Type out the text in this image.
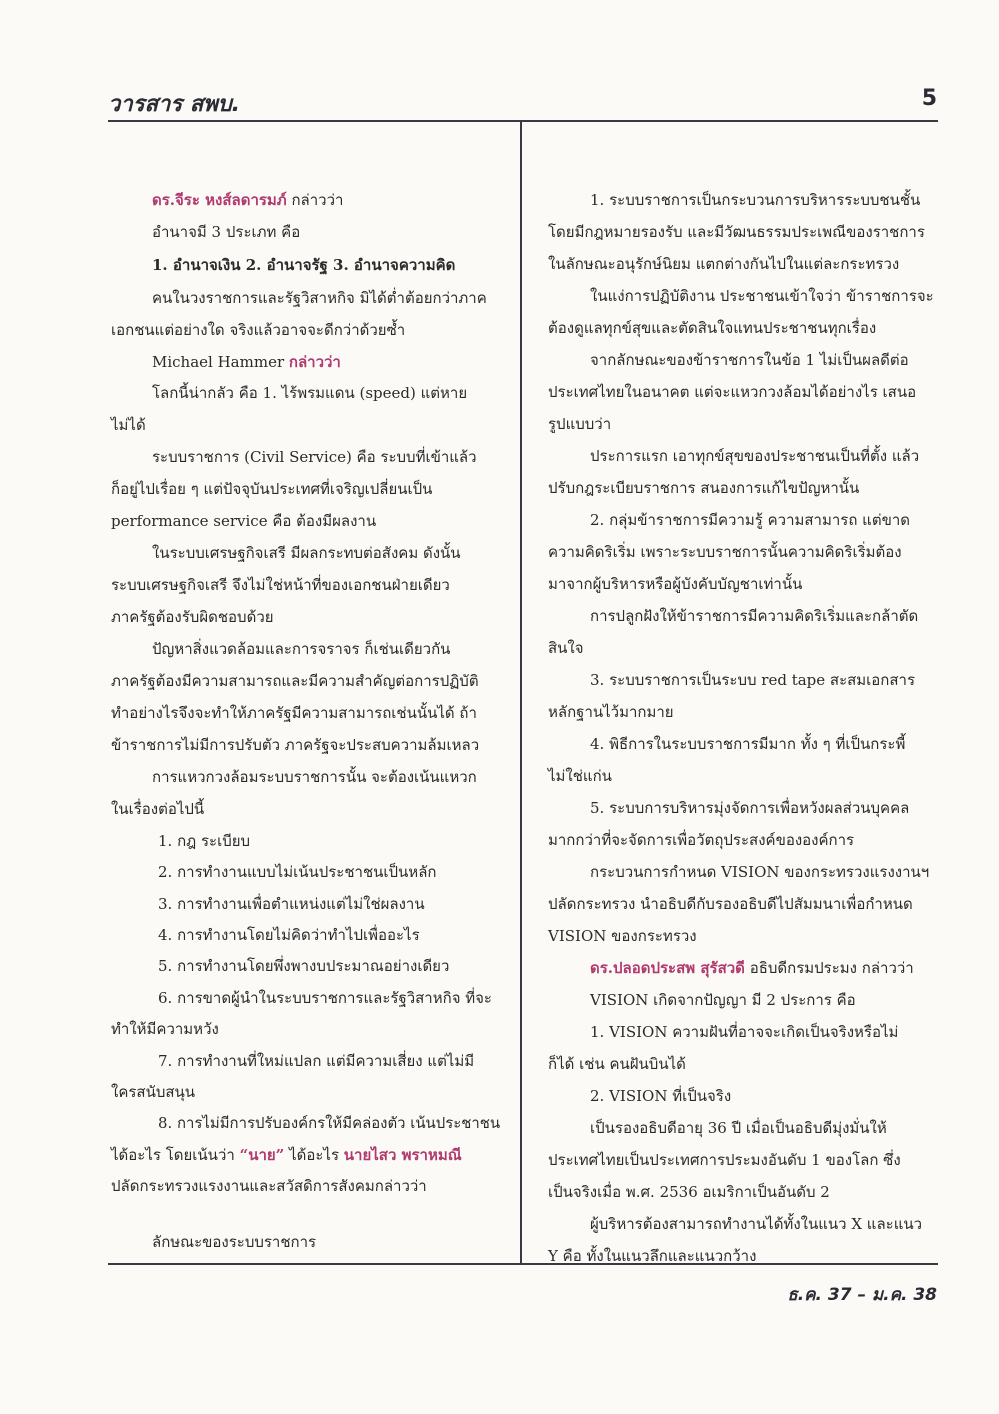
วารสาร สพบ.	5

ดร.จีระ หงส์ลดารมภ์ กล่าวว่า

อำนาจมี 3 ประเภท คือ

1. อำนาจเงิน 2. อำนาจรัฐ 3. อำนาจความคิด

คนในวงราชการและรัฐวิสาหกิจ มิได้ต่ำต้อยกว่าภาค

เอกชนแต่อย่างใด จริงแล้วอาจจะดีกว่าด้วยซ้ำ

Michael Hammer กล่าวว่า

โลกนี้น่ากลัว คือ 1. ไร้พรมแดน (speed) แต่หาย

ไม่ได้

ระบบราชการ (Civil Service) คือ ระบบที่เข้าแล้ว

ก็อยู่ไปเรื่อย ๆ แต่ปัจจุบันประเทศที่เจริญเปลี่ยนเป็น

performance service คือ ต้องมีผลงาน

ในระบบเศรษฐกิจเสรี มีผลกระทบต่อสังคม ดังนั้น

ระบบเศรษฐกิจเสรี จึงไม่ใช่หน้าที่ของเอกชนฝ่ายเดียว

ภาครัฐต้องรับผิดชอบด้วย

ปัญหาสิ่งแวดล้อมและการจราจร ก็เช่นเดียวกัน

ภาครัฐต้องมีความสามารถและมีความสำคัญต่อการปฏิบัติ

ทำอย่างไรจึงจะทำให้ภาครัฐมีความสามารถเช่นนั้นได้ ถ้า

ข้าราชการไม่มีการปรับตัว ภาครัฐจะประสบความล้มเหลว

การแหวกวงล้อมระบบราชการนั้น จะต้องเน้นแหวก

ในเรื่องต่อไปนี้

1. กฎ ระเบียบ

2. การทำงานแบบไม่เน้นประชาชนเป็นหลัก

3. การทำงานเพื่อตำแหน่งแต่ไม่ใช่ผลงาน

4. การทำงานโดยไม่คิดว่าทำไปเพื่ออะไร

5. การทำงานโดยพึ่งพางบประมาณอย่างเดียว

6. การขาดผู้นำในระบบราชการและรัฐวิสาหกิจ ที่จะ

ทำให้มีความหวัง

7. การทำงานที่ใหม่แปลก แต่มีความเสี่ยง แต่ไม่มี

ใครสนับสนุน

8. การไม่มีการปรับองค์กรให้มีคล่องตัว เน้นประชาชน

ได้อะไร โดยเน้นว่า “นาย” ได้อะไร นายไสว พราหมณี

ปลัดกระทรวงแรงงานและสวัสดิการสังคมกล่าวว่า

ลักษณะของระบบราชการ

1. ระบบราชการเป็นกระบวนการบริหารระบบชนชั้น

โดยมีกฎหมายรองรับ และมีวัฒนธรรมประเพณีของราชการ

ในลักษณะอนุรักษ์นิยม แตกต่างกันไปในแต่ละกระทรวง

ในแง่การปฏิบัติงาน ประชาชนเข้าใจว่า ข้าราชการจะ

ต้องดูแลทุกข์สุขและตัดสินใจแทนประชาชนทุกเรื่อง

จากลักษณะของข้าราชการในข้อ 1 ไม่เป็นผลดีต่อ

ประเทศไทยในอนาคต แต่จะแหวกวงล้อมได้อย่างไร เสนอ

รูปแบบว่า

ประการแรก เอาทุกข์สุขของประชาชนเป็นที่ตั้ง แล้ว

ปรับกฎระเบียบราชการ สนองการแก้ไขปัญหานั้น

2. กลุ่มข้าราชการมีความรู้ ความสามารถ แต่ขาด

ความคิดริเริ่ม เพราะระบบราชการนั้นความคิดริเริ่มต้อง

มาจากผู้บริหารหรือผู้บังคับบัญชาเท่านั้น

การปลูกฝังให้ข้าราชการมีความคิดริเริ่มและกล้าตัด

สินใจ

3. ระบบราชการเป็นระบบ red tape สะสมเอกสาร

หลักฐานไว้มากมาย

4. พิธีการในระบบราชการมีมาก ทั้ง ๆ ที่เป็นกระพี้

ไม่ใช่แก่น

5. ระบบการบริหารมุ่งจัดการเพื่อหวังผลส่วนบุคคล

มากกว่าที่จะจัดการเพื่อวัตถุประสงค์ขององค์การ

กระบวนการกำหนด VISION ของกระทรวงแรงงานฯ

ปลัดกระทรวง นำอธิบดีกับรองอธิบดีไปสัมมนาเพื่อกำหนด

VISION ของกระทรวง

ดร.ปลอดประสพ สุรัสวดี อธิบดีกรมประมง กล่าวว่า

VISION เกิดจากปัญญา มี 2 ประการ คือ

1. VISION ความฝันที่อาจจะเกิดเป็นจริงหรือไม่

ก็ได้ เช่น คนฝันบินได้

2. VISION ที่เป็นจริง

เป็นรองอธิบดีอายุ 36 ปี เมื่อเป็นอธิบดีมุ่งมั่นให้

ประเทศไทยเป็นประเทศการประมงอันดับ 1 ของโลก ซึ่ง

เป็นจริงเมื่อ พ.ศ. 2536 อเมริกาเป็นอันดับ 2

ผู้บริหารต้องสามารถทำงานได้ทั้งในแนว X และแนว

Y คือ ทั้งในแนวลึกและแนวกว้าง

ธ.ค. 37 – ม.ค. 38
